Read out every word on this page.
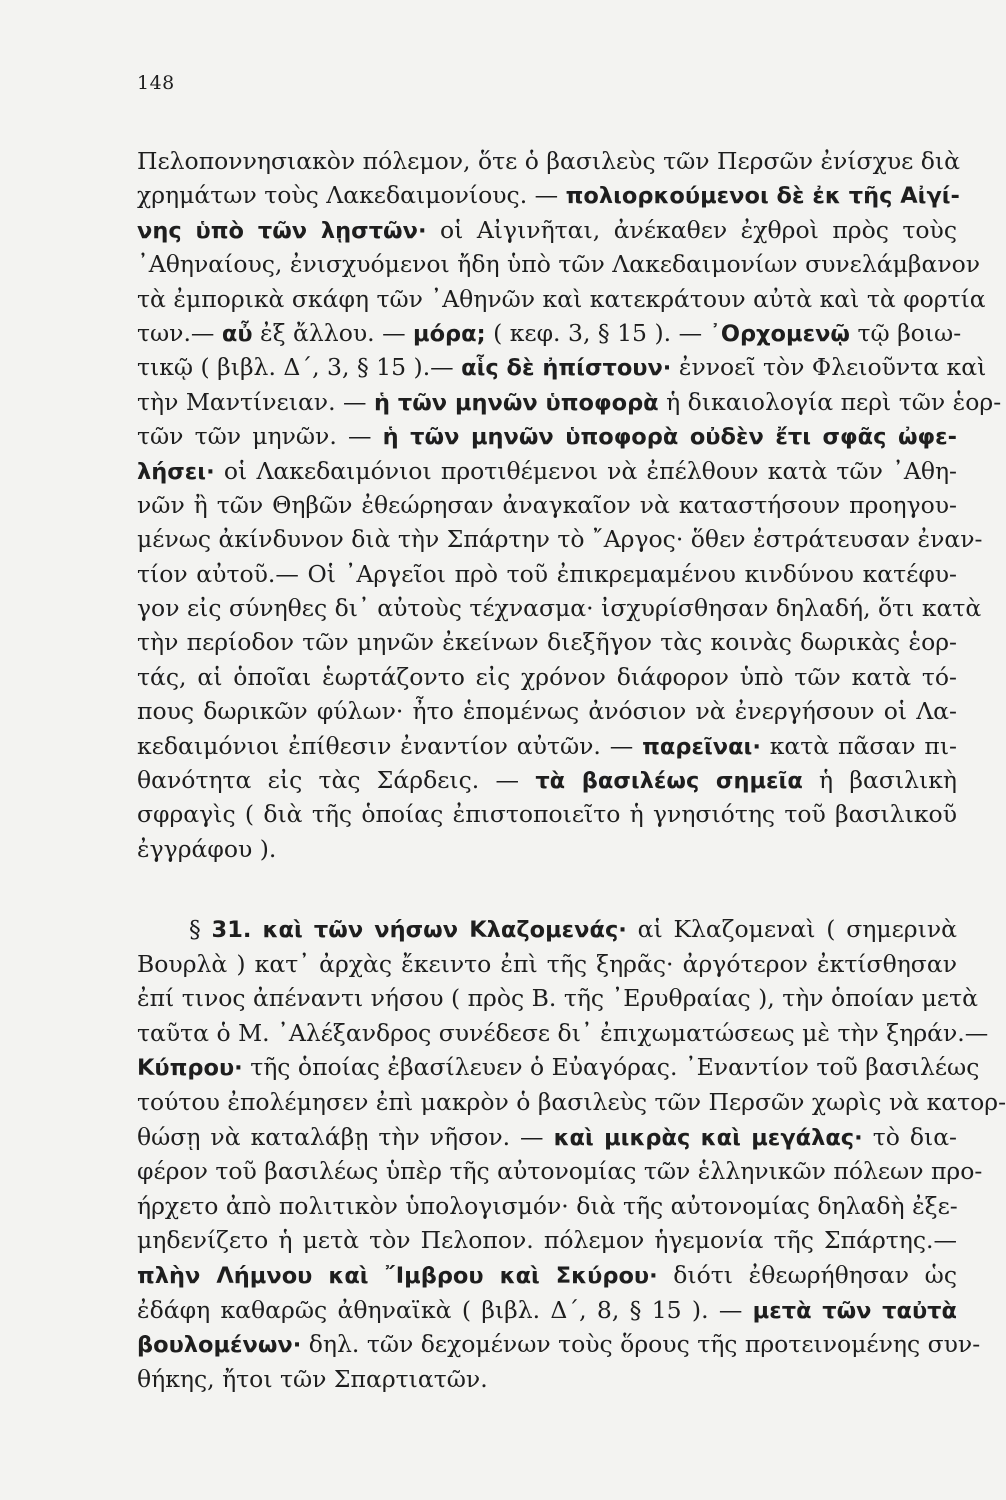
148
Πελοποννησιακὸν πόλεμον, ὅτε ὁ βασιλεὺς τῶν Περσῶν ἐνίσχυε διὰ
χρημάτων τοὺς Λακεδαιμονίους. — πολιορκούμενοι δὲ ἐκ τῆς Αἰγί-
νης ὑπὸ τῶν λῃστῶν· οἱ Αἰγινῆται, ἀνέκαθεν ἐχθροὶ πρὸς τοὺς
᾿Αθηναίους, ἐνισχυόμενοι ἤδη ὑπὸ τῶν Λακεδαιμονίων συνελάμβανον
τὰ ἐμπορικὰ σκάφη τῶν ᾿Αθηνῶν καὶ κατεκράτουν αὐτὰ καὶ τὰ φορτία
των.— αὖ ἐξ ἄλλου. — μόρα; ( κεφ. 3, § 15 ). — ᾿Ορχομενῷ τῷ βοιω-
τικῷ ( βιβλ. Δ΄, 3, § 15 ).— αἷς δὲ ἠπίστουν· ἐννοεῖ τὸν Φλειοῦντα καὶ
τὴν Μαντίνειαν. — ἡ τῶν μηνῶν ὑποφορὰ ἡ δικαιολογία περὶ τῶν ἑορ-
τῶν τῶν μηνῶν. — ἡ τῶν μηνῶν ὑποφορὰ οὐδὲν ἔτι σφᾶς ὠφε-
λήσει· οἱ Λακεδαιμόνιοι προτιθέμενοι νὰ ἐπέλθουν κατὰ τῶν ᾿Αθη-
νῶν ἢ τῶν Θηβῶν ἐθεώρησαν ἀναγκαῖον νὰ καταστήσουν προηγου-
μένως ἀκίνδυνον διὰ τὴν Σπάρτην τὸ ῎Αργος· ὅθεν ἐστράτευσαν ἐναν-
τίον αὐτοῦ.— Οἱ ᾿Αργεῖοι πρὸ τοῦ ἐπικρεμαμένου κινδύνου κατέφυ-
γον εἰς σύνηθες δι᾿ αὐτοὺς τέχνασμα· ἰσχυρίσθησαν δηλαδή, ὅτι κατὰ
τὴν περίοδον τῶν μηνῶν ἐκείνων διεξῆγον τὰς κοινὰς δωρικὰς ἑορ-
τάς, αἱ ὁποῖαι ἑωρτάζοντο εἰς χρόνον διάφορον ὑπὸ τῶν κατὰ τό-
πους δωρικῶν φύλων· ἦτο ἑπομένως ἀνόσιον νὰ ἐνεργήσουν οἱ Λα-
κεδαιμόνιοι ἐπίθεσιν ἐναντίον αὐτῶν. — παρεῖναι· κατὰ πᾶσαν πι-
θανότητα εἰς τὰς Σάρδεις. — τὰ βασιλέως σημεῖα ἡ βασιλικὴ
σφραγὶς ( διὰ τῆς ὁποίας ἐπιστοποιεῖτο ἡ γνησιότης τοῦ βασιλικοῦ
ἐγγράφου ).
§ 31. καὶ τῶν νήσων Κλαζομενάς· αἱ Κλαζομεναὶ ( σημερινὰ
Βουρλὰ ) κατ᾿ ἀρχὰς ἔκειντο ἐπὶ τῆς ξηρᾶς· ἀργότερον ἐκτίσθησαν
ἐπί τινος ἀπέναντι νήσου ( πρὸς Β. τῆς ᾿Ερυθραίας ), τὴν ὁποίαν μετὰ
ταῦτα ὁ Μ. ᾿Αλέξανδρος συνέδεσε δι᾿ ἐπιχωματώσεως μὲ τὴν ξηράν.—
Κύπρου· τῆς ὁποίας ἐβασίλευεν ὁ Εὐαγόρας. ᾿Εναντίον τοῦ βασιλέως
τούτου ἐπολέμησεν ἐπὶ μακρὸν ὁ βασιλεὺς τῶν Περσῶν χωρὶς νὰ κατορ-
θώσῃ νὰ καταλάβῃ τὴν νῆσον. — καὶ μικρὰς καὶ μεγάλας· τὸ δια-
φέρον τοῦ βασιλέως ὑπὲρ τῆς αὐτονομίας τῶν ἑλληνικῶν πόλεων προ-
ήρχετο ἀπὸ πολιτικὸν ὑπολογισμόν· διὰ τῆς αὐτονομίας δηλαδὴ ἐξε-
μηδενίζετο ἡ μετὰ τὸν Πελοπον. πόλεμον ἡγεμονία τῆς Σπάρτης.—
πλὴν Λήμνου καὶ ῎Ιμβρου καὶ Σκύρου· διότι ἐθεωρήθησαν ὡς
ἐδάφη καθαρῶς ἀθηναϊκὰ ( βιβλ. Δ΄, 8, § 15 ). — μετὰ τῶν ταὐτὰ
βουλομένων· δηλ. τῶν δεχομένων τοὺς ὅρους τῆς προτεινομένης συν-
θήκης, ἤτοι τῶν Σπαρτιατῶν.
